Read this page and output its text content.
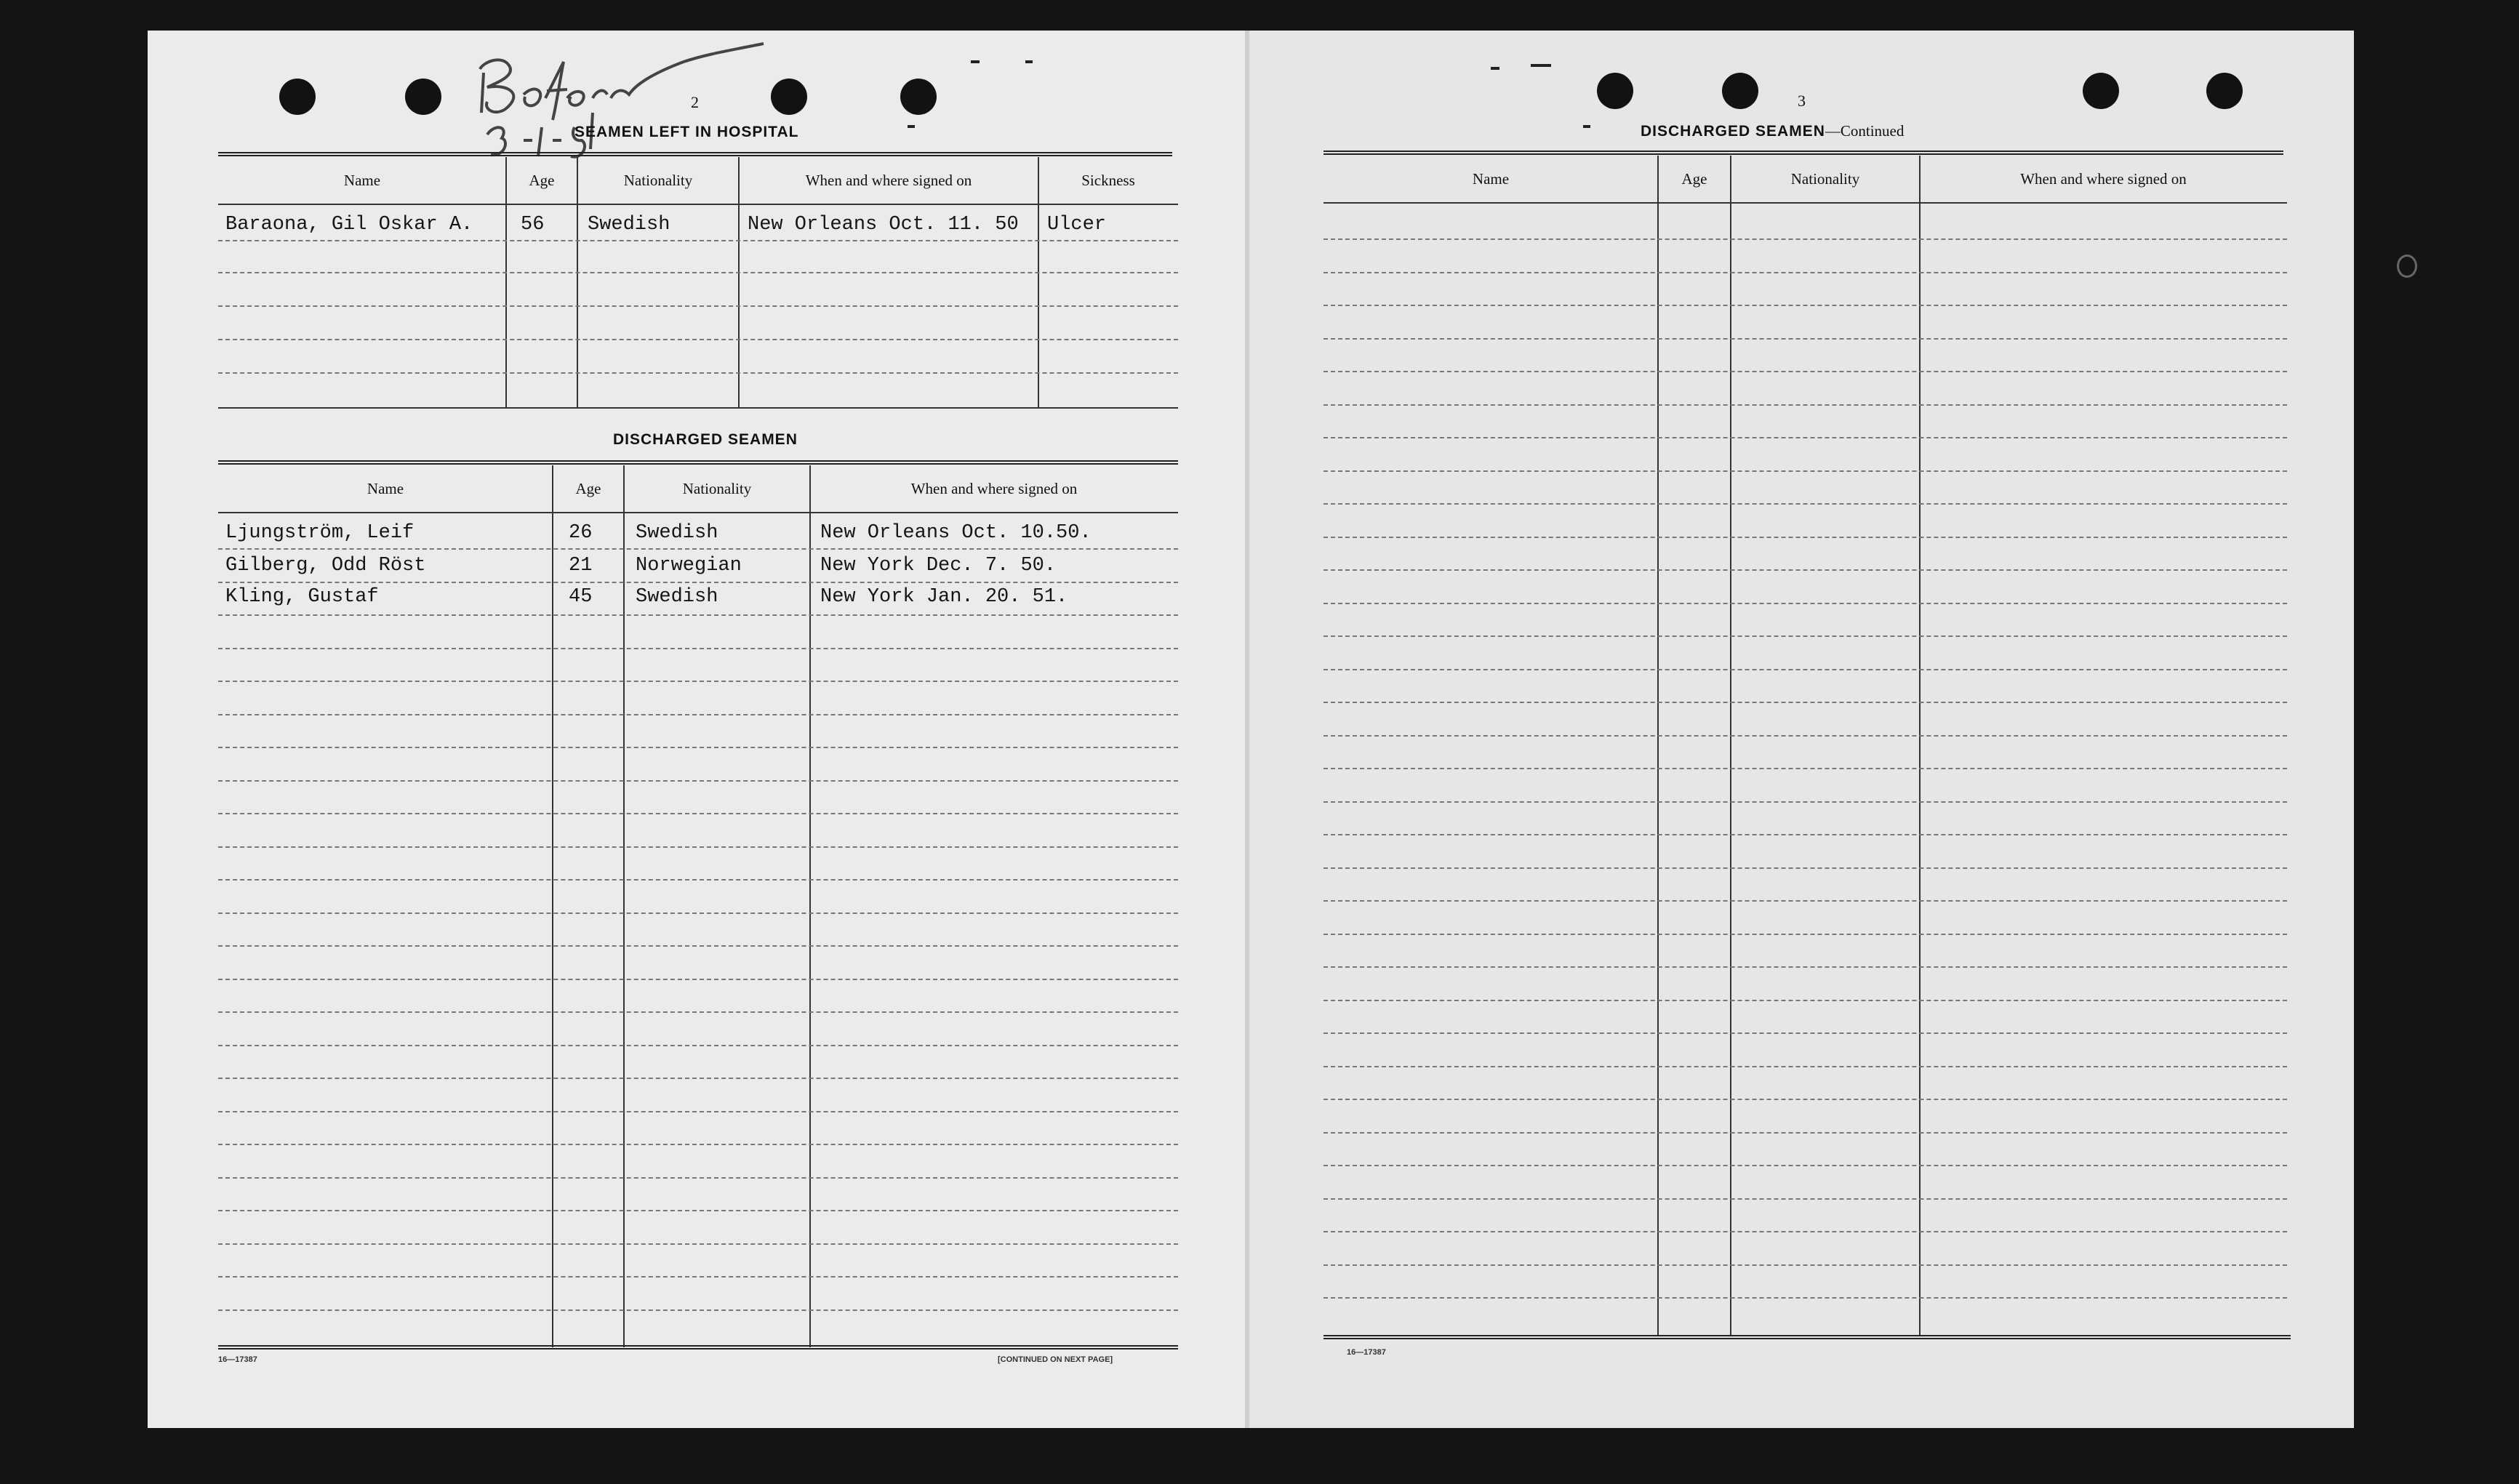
2
SEAMEN LEFT IN HOSPITAL
Name	Age	Nationality	When and where signed on	Sickness
Baraona, Gil Oskar A. 56 Swedish	New Orleans Oct. 11. 50 Ulcer
DISCHARGED SEAMEN
Name	Age	Nationality	When and where signed on
Ljungström, Leif	26 Swedish	New Orleans Oct. 10.50.
Gilberg, Odd Röst	21 Norwegian	New York Dec. 7. 50.
Kling, Gustaf	45 Swedish	New York Jan. 20. 51.
16—17387	[CONTINUED ON NEXT PAGE]
3
DISCHARGED SEAMEN—Continued
Name	Age	Nationality	When and where signed on
16—17387
